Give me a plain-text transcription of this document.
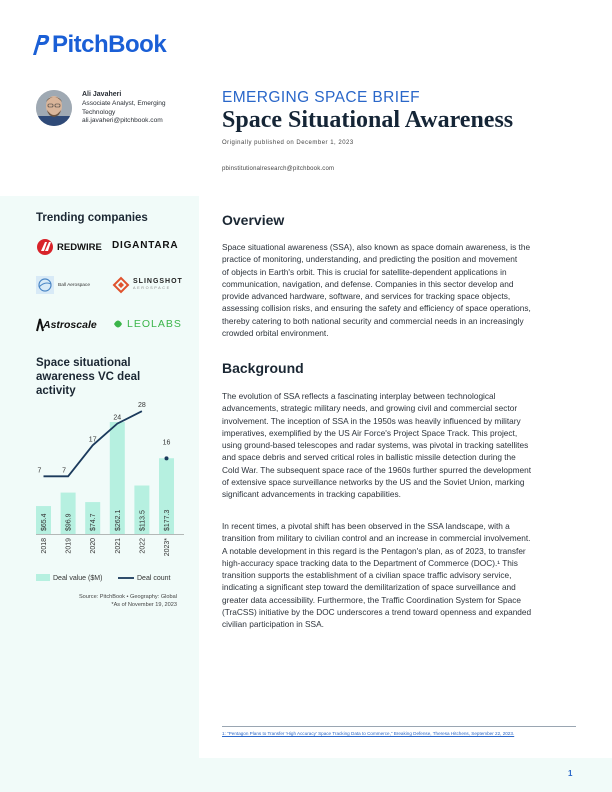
PitchBook
Ali Javaheri
Associate Analyst, Emerging Technology
ali.javaheri@pitchbook.com
EMERGING SPACE BRIEF
Space Situational Awareness
Originally published on December 1, 2023
pbinstitutionalresearch@pitchbook.com
Trending companies
REDWIRE DIGANTARA
Ball Aerospace	SLINGSHOT
AEROSPACE
Astroscale	LEOLABS
Space situational awareness VC deal activity
$65.4
2018
$96.9
2019
$74.7
2020
$262.1
2021
$113.5
2022
$177.3
2023*
7	7
17
24
28
16
Deal value ($M)	Deal count
Source: PitchBook • Geography: Global
*As of November 19, 2023
Overview
Space situational awareness (SSA), also known as space domain awareness, is the
practice of monitoring, understanding, and predicting the position and movement
of objects in Earth's orbit. This is crucial for satellite-dependent applications in
communication, navigation, and defense. Companies in this sector develop and
provide advanced hardware, software, and services for tracking space objects,
assessing collision risks, and ensuring the safety and efficiency of space operations,
thereby catering to both national security and commercial needs in an increasingly
crowded orbital environment.
Background
The evolution of SSA reflects a fascinating interplay between technological
advancements, strategic military needs, and growing civil and commercial sector
involvement. The inception of SSA in the 1950s was heavily influenced by military
imperatives, exemplified by the US Air Force's Project Space Track. This project,
using ground-based telescopes and radar systems, was pivotal in tracking satellites
and space debris and served critical roles in ballistic missile detection during the
Cold War. The subsequent space race of the 1960s further spurred the development
of extensive space surveillance networks by the US and the Soviet Union, marking
significant advancements in tracking capabilities.
In recent times, a pivotal shift has been observed in the SSA landscape, with a
transition from military to civilian control and an increase in commercial involvement.
A notable development in this regard is the Pentagon's plan, as of 2023, to transfer
high-accuracy space tracking data to the Department of Commerce (DOC).¹ This
transition supports the establishment of a civilian space traffic advisory service,
indicating a significant step toward the demilitarization of space surveillance and
greater data accessibility. Furthermore, the Traffic Coordination System for Space
(TraCSS) initiative by the DOC underscores a trend toward openness and expanded
civilian participation in SSA.
1: "Pentagon Plans to Transfer 'High Accuracy' Space Tracking Data to Commerce," Breaking Defense, Theresa Hitchens, September 22, 2023.
1
